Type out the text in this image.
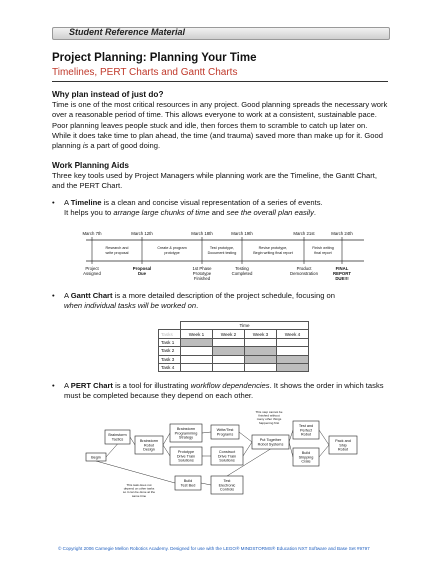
Student Reference Material
Project Planning: Planning Your Time
Timelines, PERT Charts and Gantt Charts
Why plan instead of just do?
Time is one of the most critical resources in any project. Good planning spreads the necessary work over a reasonable period of time. This allows everyone to work at a consistent, sustainable pace. Poor planning leaves people stuck and idle, then forces them to scramble to catch up later on. While it does take time to plan ahead, the time (and trauma) saved more than make up for it. Good planning is a part of good doing.
Work Planning Aids
Three key tools used by Project Managers while planning work are the Timeline, the Gantt Chart, and the PERT Chart.
• A Timeline is a clean and concise visual representation of a series of events.
It helps you to arrange large chunks of time and see the overall plan easily.
March 7th	March 12th	March 18th	March 19th	March 21st	March 24th
Research and
write proposal
Create & program
prototype
Test prototype,
Document testing
Revise prototype,
Begin writing final report
Finish writing
final report
Project
Assigned
Proposal
Due
1st Phase
Prototype
Finished
Testing
Completed
Product
Demonstration
FINAL
REPORT
DUE!!!
• A Gantt Chart is a more detailed description of the project schedule, focusing on
when individual tasks will be worked on.
	Time			
Tasks	Week 1	Week 2	Week 3	Week 4
Task 1				
Task 2				
Task 3				
Task 4				
• A PERT Chart is a tool for illustrating workflow dependencies. It shows the order in which tasks must be completed because they depend on each other.
Begin
Brainstorm
Tactics	Brainstorm
Robot
Design
Brainstorm
Programming
Strategy
Write/Test
Programs
Prototype
Drive Train
Solutions
Construct
Drive Train
Solutions
Put Together
Robot Systems
Test and
Perfect
Robot
Build
Shipping
Crate
Pack and
Ship
Robot
Build
Test Bed
Test
Electronic
Controls
This step cannot be
finished without
many other things
happening first
This task does not
depend on other tasks
so it can be done at the
same time
© Copyright 2006 Carnegie Mellon Robotics Academy. Designed for use with the LEGO® MINDSTORMS® Education NXT Software and Base Set #9797
